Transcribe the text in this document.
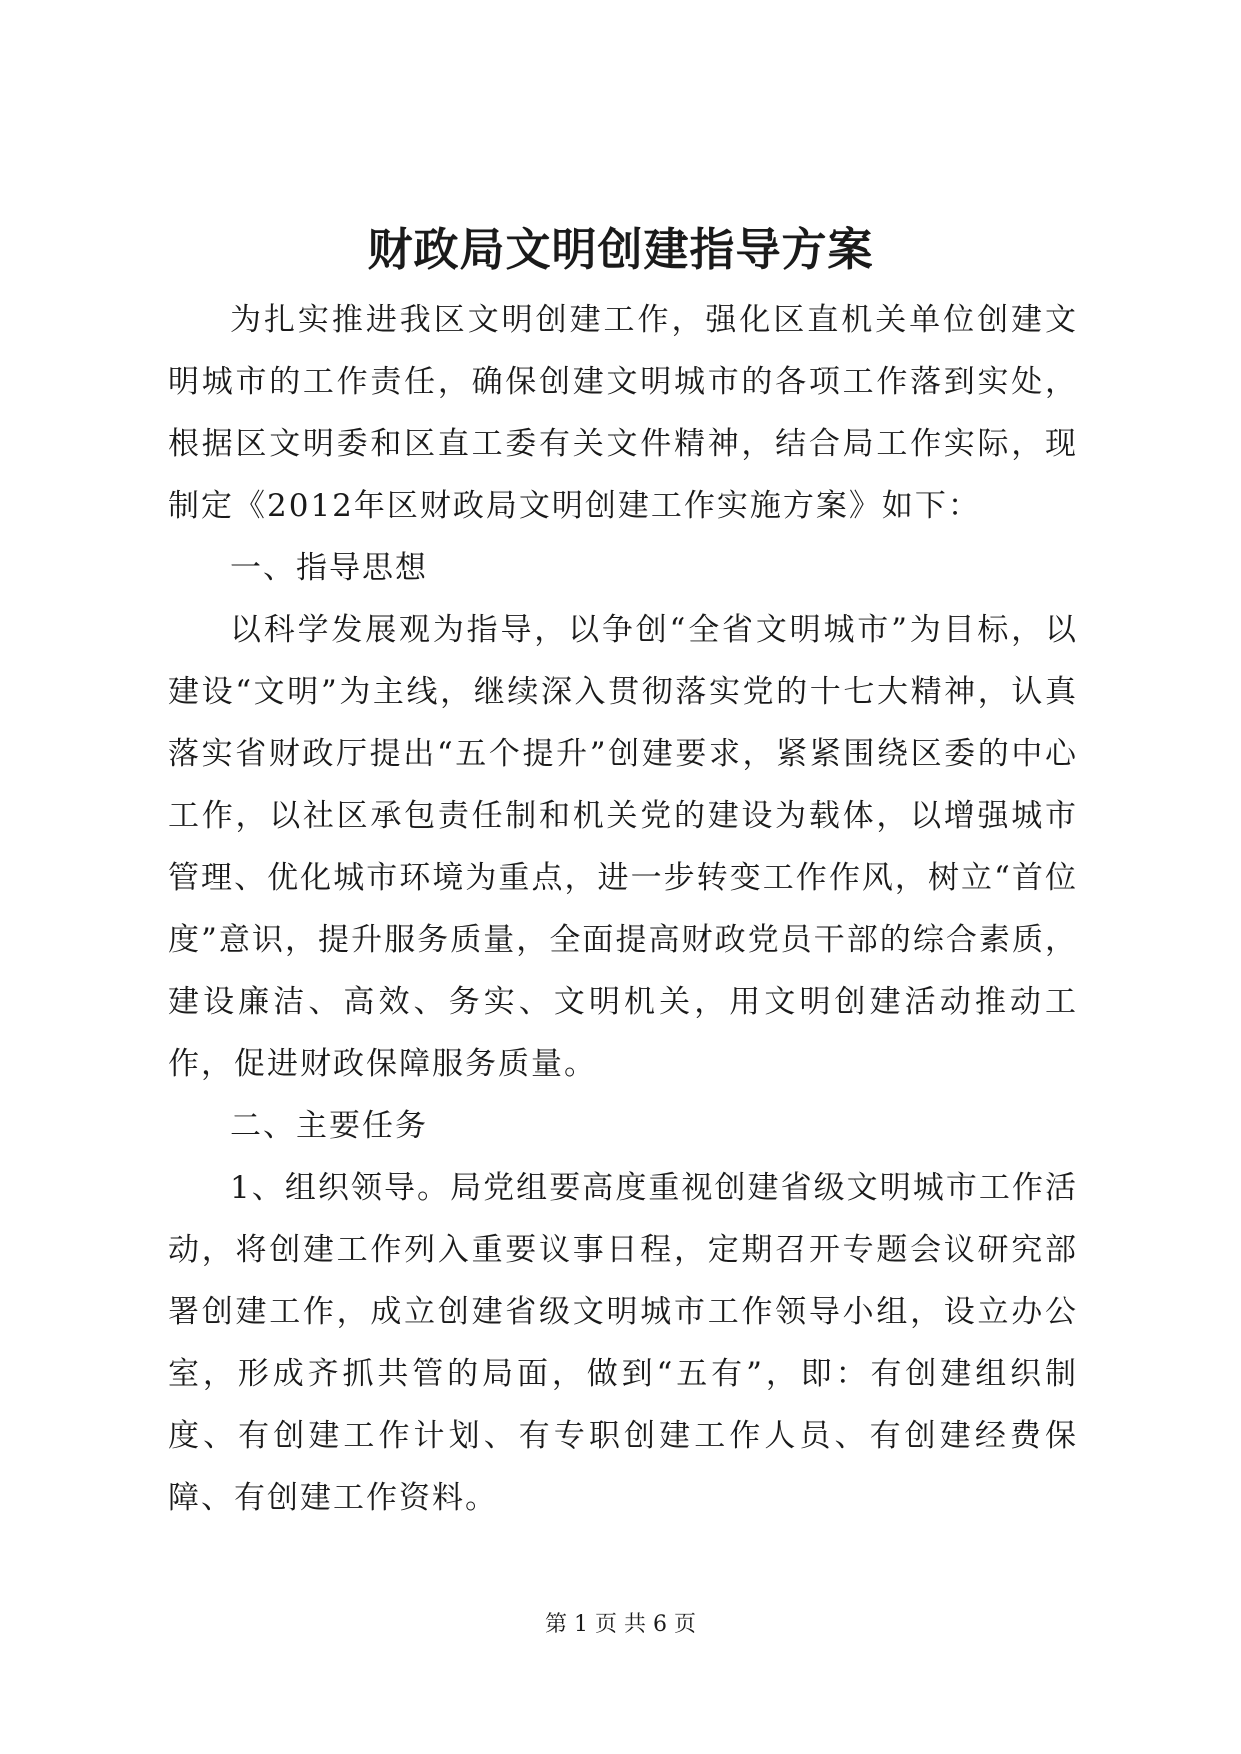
财政局文明创建指导方案

为扎实推进我区文明创建工作，强化区直机关单位创建文明城市的工作责任，确保创建文明城市的各项工作落到实处，根据区文明委和区直工委有关文件精神，结合局工作实际，现制定《2012年区财政局文明创建工作实施方案》如下：

一、指导思想

以科学发展观为指导，以争创“全省文明城市”为目标，以建设“文明”为主线，继续深入贯彻落实党的十七大精神，认真落实省财政厅提出“五个提升”创建要求，紧紧围绕区委的中心工作，以社区承包责任制和机关党的建设为载体，以增强城市管理、优化城市环境为重点，进一步转变工作作风，树立“首位度”意识，提升服务质量，全面提高财政党员干部的综合素质，建设廉洁、高效、务实、文明机关，用文明创建活动推动工作，促进财政保障服务质量。

二、主要任务

1、组织领导。局党组要高度重视创建省级文明城市工作活动，将创建工作列入重要议事日程，定期召开专题会议研究部署创建工作，成立创建省级文明城市工作领导小组，设立办公室，形成齐抓共管的局面，做到“五有”，即：有创建组织制度、有创建工作计划、有专职创建工作人员、有创建经费保障、有创建工作资料。

第 1 页 共 6 页
